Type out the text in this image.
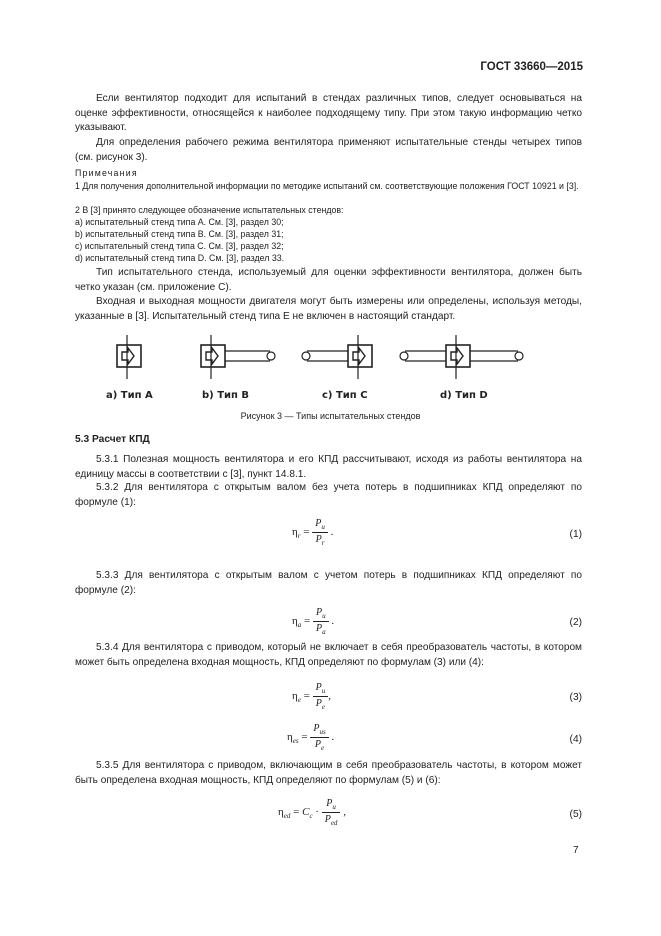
ГОСТ 33660—2015

Если вентилятор подходит для испытаний в стендах различных типов, следует основываться на оценке эффективности, относящейся к наиболее подходящему типу. При этом такую информацию четко указывают.

Для определения рабочего режима вентилятора применяют испытательные стенды четырех типов (см. рисунок 3).

Примечания

1 Для получения дополнительной информации по методике испытаний см. соответствующие положения ГОСТ 10921 и [3].

2 В [3] принято следующее обозначение испытательных стендов:

a) испытательный стенд типа А. См. [3], раздел 30;

b) испытательный стенд типа В. См. [3], раздел 31;

c) испытательный стенд типа С. См. [3], раздел 32;

d) испытательный стенд типа D. См. [3], раздел 33.

Тип испытательного стенда, используемый для оценки эффективности вентилятора, должен быть четко указан (см. приложение С).

Входная и выходная мощности двигателя могут быть измерены или определены, используя методы, указанные в [3]. Испытательный стенд типа Е не включен в настоящий стандарт.

а) Тип А	b) Тип В	c) Тип С	d) Тип D
Рисунок 3 — Типы испытательных стендов
5.3 Расчет КПД

5.3.1 Полезная мощность вентилятора и его КПД рассчитывают, исходя из работы вентилятора на единицу массы в соответствии с [3], пункт 14.8.1.

5.3.2 Для вентилятора с открытым валом без учета потерь в подшипниках КПД определяют по формуле (1):

$\eta_r = \frac{P_u}{P_r}$ .	(1)

5.3.3 Для вентилятора с открытым валом с учетом потерь в подшипниках КПД определяют по формуле (2):

$\eta_a = \frac{P_u}{P_a}$ .	(2)

5.3.4 Для вентилятора с приводом, который не включает в себя преобразователь частоты, в котором может быть определена входная мощность, КПД определяют по формулам (3) или (4):

$\eta_e = \frac{P_u}{P_e}$ ,	(3)
$\eta_{es} = \frac{P_{us}}{P_e}$ .	(4)

5.3.5 Для вентилятора с приводом, включающим в себя преобразователь частоты, в котором может быть определена входная мощность, КПД определяют по формулам (5) и (6):

$\eta_{ed} = C_c \cdot \frac{P_u}{P_{ed}}$ ,	(5)
7
